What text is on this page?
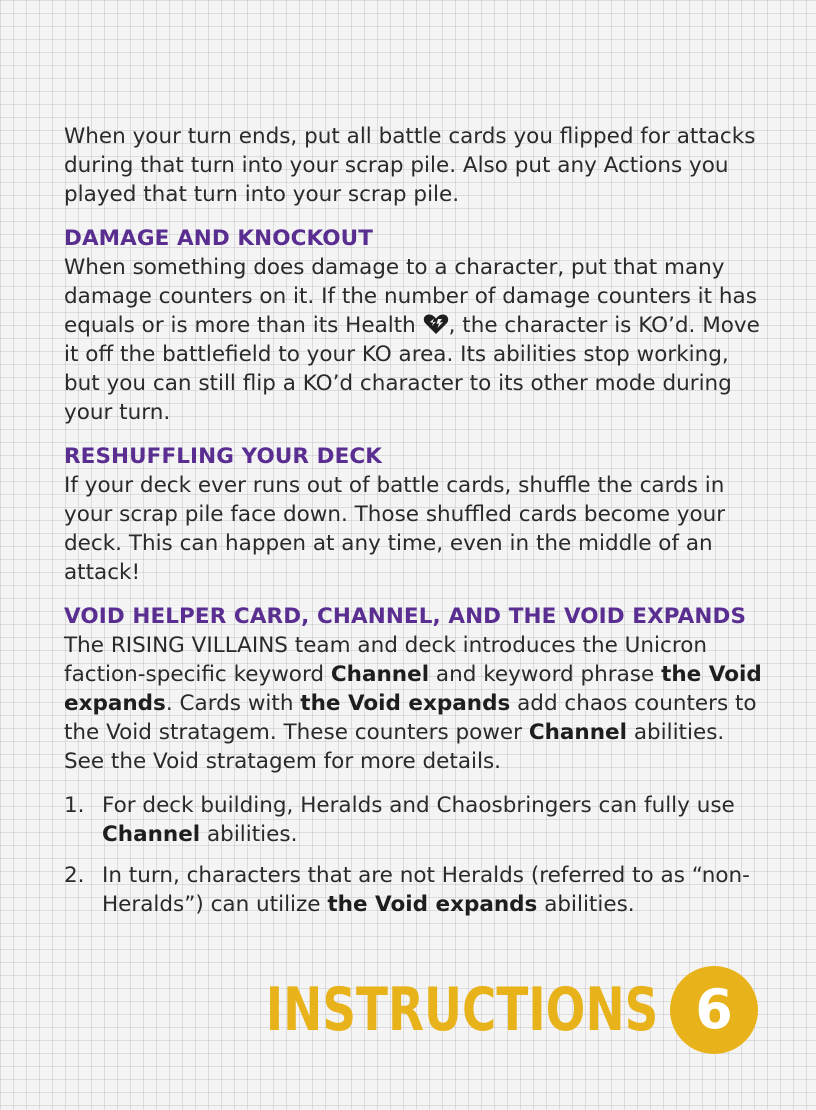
When your turn ends, put all battle cards you flipped for attacks during that turn into your scrap pile. Also put any Actions you played that turn into your scrap pile.

DAMAGE AND KNOCKOUT

When something does damage to a character, put that many damage counters on it. If the number of damage counters it has equals or is more than its Health , the character is KO’d. Move it off the battlefield to your KO area. Its abilities stop working, but you can still flip a KO’d character to its other mode during your turn.

RESHUFFLING YOUR DECK

If your deck ever runs out of battle cards, shuffle the cards in your scrap pile face down. Those shuffled cards become your deck. This can happen at any time, even in the middle of an attack!

VOID HELPER CARD, CHANNEL, AND THE VOID EXPANDS

The RISING VILLAINS team and deck introduces the Unicron faction-specific keyword Channel and keyword phrase the Void expands. Cards with the Void expands add chaos counters to the Void stratagem. These counters power Channel abilities. See the Void stratagem for more details.

1. For deck building, Heralds and Chaosbringers can fully use Channel abilities.
2. In turn, characters that are not Heralds (referred to as “non-Heralds”) can utilize the Void expands abilities.
INSTRUCTIONS 6
